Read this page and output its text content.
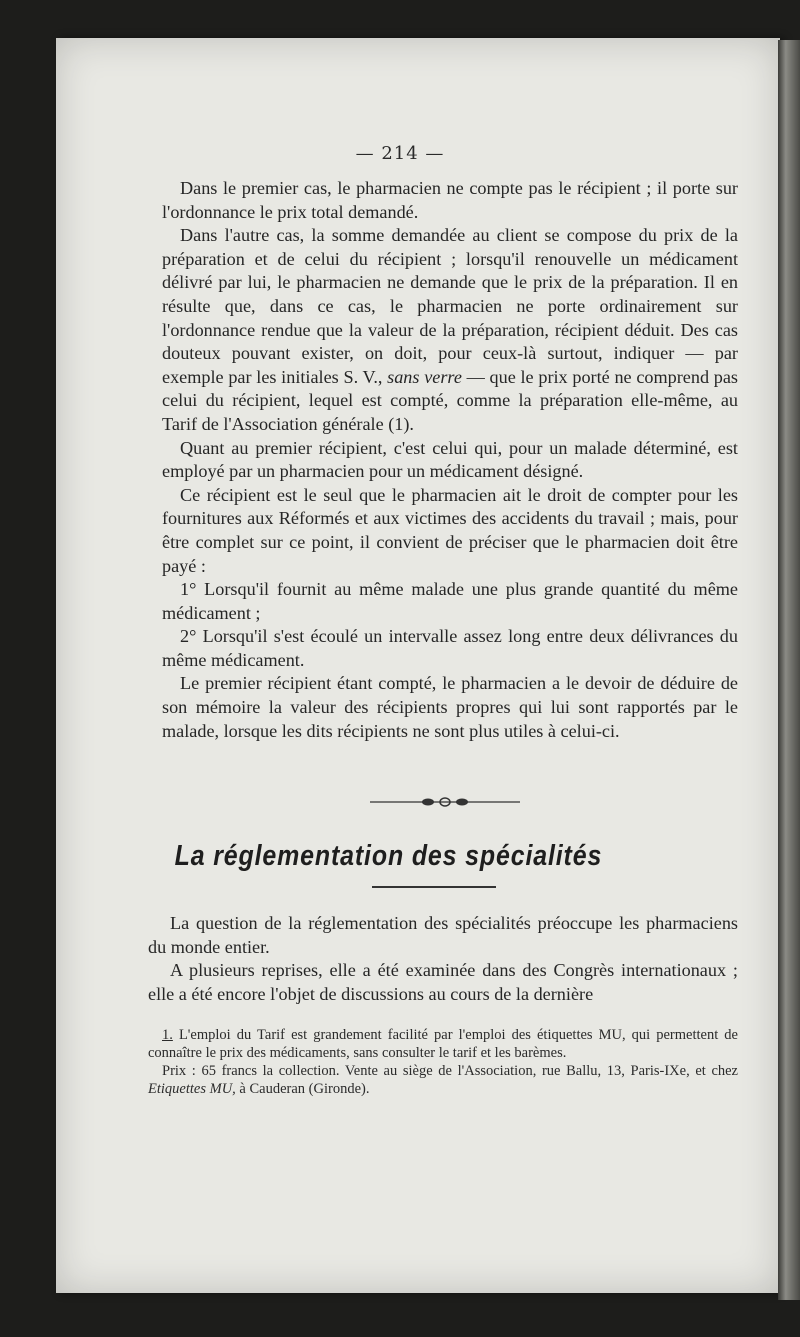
— 214 —

Dans le premier cas, le pharmacien ne compte pas le récipient ; il porte sur l'ordonnance le prix total demandé.

Dans l'autre cas, la somme demandée au client se compose du prix de la préparation et de celui du récipient ; lorsqu'il renouvelle un médicament délivré par lui, le pharmacien ne demande que le prix de la préparation. Il en résulte que, dans ce cas, le pharmacien ne porte ordinairement sur l'ordonnance rendue que la valeur de la préparation, récipient déduit. Des cas douteux pouvant exister, on doit, pour ceux-là surtout, indiquer — par exemple par les initiales S. V., sans verre — que le prix porté ne comprend pas celui du récipient, lequel est compté, comme la préparation elle-même, au Tarif de l'Association générale (1).

Quant au premier récipient, c'est celui qui, pour un malade déterminé, est employé par un pharmacien pour un médicament désigné.

Ce récipient est le seul que le pharmacien ait le droit de compter pour les fournitures aux Réformés et aux victimes des accidents du travail ; mais, pour être complet sur ce point, il convient de préciser que le pharmacien doit être payé :

1° Lorsqu'il fournit au même malade une plus grande quantité du même médicament ;

2° Lorsqu'il s'est écoulé un intervalle assez long entre deux délivrances du même médicament.

Le premier récipient étant compté, le pharmacien a le devoir de déduire de son mémoire la valeur des récipients propres qui lui sont rapportés par le malade, lorsque les dits récipients ne sont plus utiles à celui-ci.

La réglementation des spécialités

La question de la réglementation des spécialités préoccupe les pharmaciens du monde entier.

A plusieurs reprises, elle a été examinée dans des Congrès internationaux ; elle a été encore l'objet de discussions au cours de la dernière

1. L'emploi du Tarif est grandement facilité par l'emploi des étiquettes MU, qui permettent de connaître le prix des médicaments, sans consulter le tarif et les barèmes.

Prix : 65 francs la collection. Vente au siège de l'Association, rue Ballu, 13, Paris-IXe, et chez Etiquettes MU, à Cauderan (Gironde).
